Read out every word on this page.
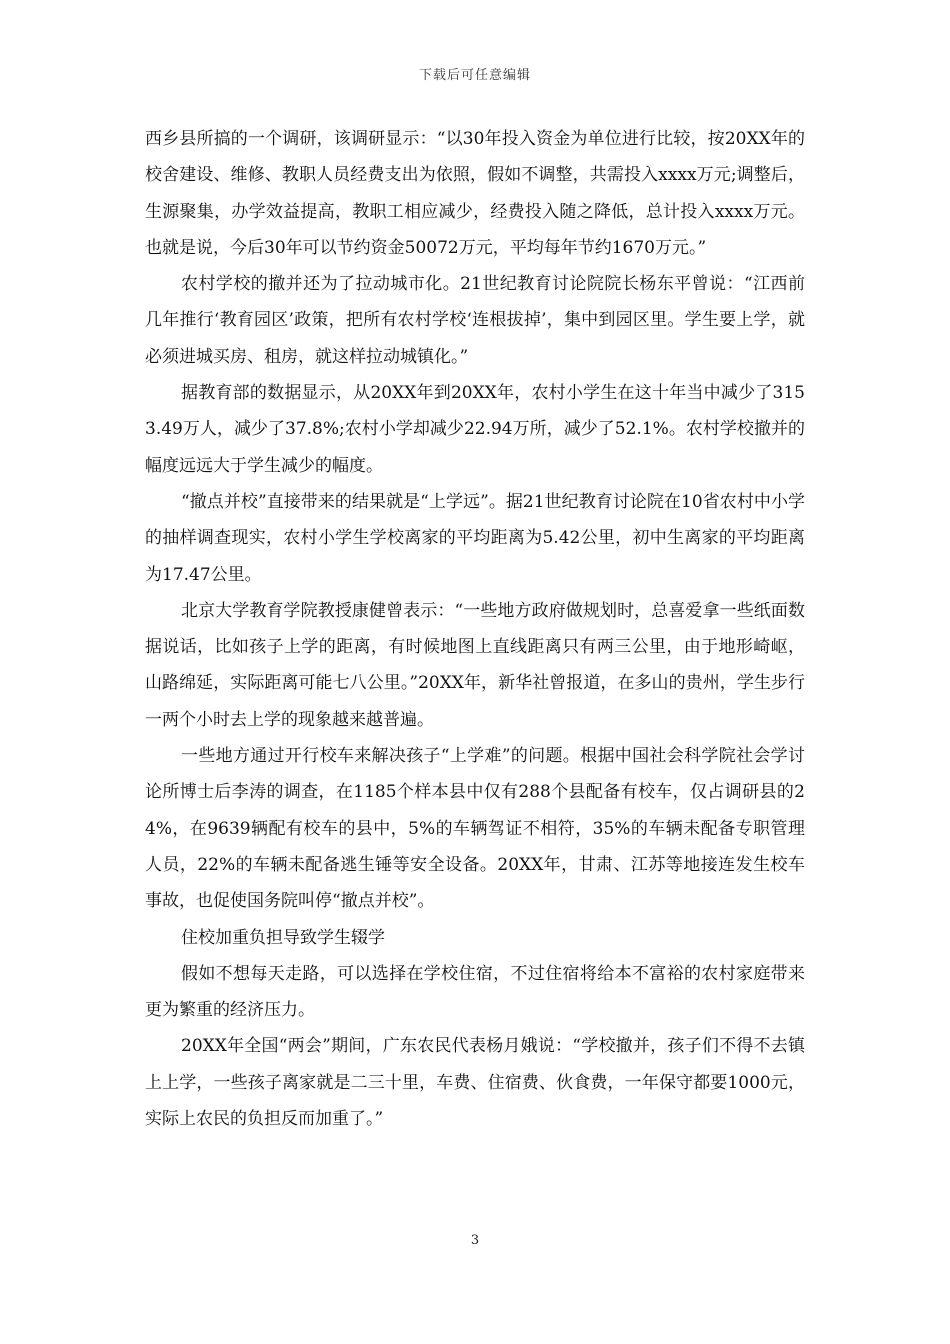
下载后可任意编辑

西乡县所搞的一个调研，该调研显示：“以30年投入资金为单位进行比较，按20XX年的校舍建设、维修、教职人员经费支出为依照，假如不调整，共需投入xxxx万元;调整后，生源聚集，办学效益提高，教职工相应减少，经费投入随之降低，总计投入xxxx万元。也就是说，今后30年可以节约资金50072万元，平均每年节约1670万元。”

农村学校的撤并还为了拉动城市化。21世纪教育讨论院院长杨东平曾说：“江西前几年推行‘教育园区’政策，把所有农村学校‘连根拔掉’，集中到园区里。学生要上学，就必须进城买房、租房，就这样拉动城镇化。”

据教育部的数据显示，从20XX年到20XX年，农村小学生在这十年当中减少了3153.49万人，减少了37.8%;农村小学却减少22.94万所，减少了52.1%。农村学校撤并的幅度远远大于学生减少的幅度。

“撤点并校”直接带来的结果就是“上学远”。据21世纪教育讨论院在10省农村中小学的抽样调查现实，农村小学生学校离家的平均距离为5.42公里，初中生离家的平均距离为17.47公里。

北京大学教育学院教授康健曾表示：“一些地方政府做规划时，总喜爱拿一些纸面数据说话，比如孩子上学的距离，有时候地图上直线距离只有两三公里，由于地形崎岖，山路绵延，实际距离可能七八公里。”20XX年，新华社曾报道，在多山的贵州，学生步行一两个小时去上学的现象越来越普遍。

一些地方通过开行校车来解决孩子“上学难”的问题。根据中国社会科学院社会学讨论所博士后李涛的调查，在1185个样本县中仅有288个县配备有校车，仅占调研县的24%，在9639辆配有校车的县中，5%的车辆驾证不相符，35%的车辆未配备专职管理人员，22%的车辆未配备逃生锤等安全设备。20XX年，甘肃、江苏等地接连发生校车事故，也促使国务院叫停“撤点并校”。

住校加重负担导致学生辍学

假如不想每天走路，可以选择在学校住宿，不过住宿将给本不富裕的农村家庭带来更为繁重的经济压力。

20XX年全国“两会”期间，广东农民代表杨月娥说：“学校撤并，孩子们不得不去镇上上学，一些孩子离家就是二三十里，车费、住宿费、伙食费，一年保守都要1000元，实际上农民的负担反而加重了。”

3
